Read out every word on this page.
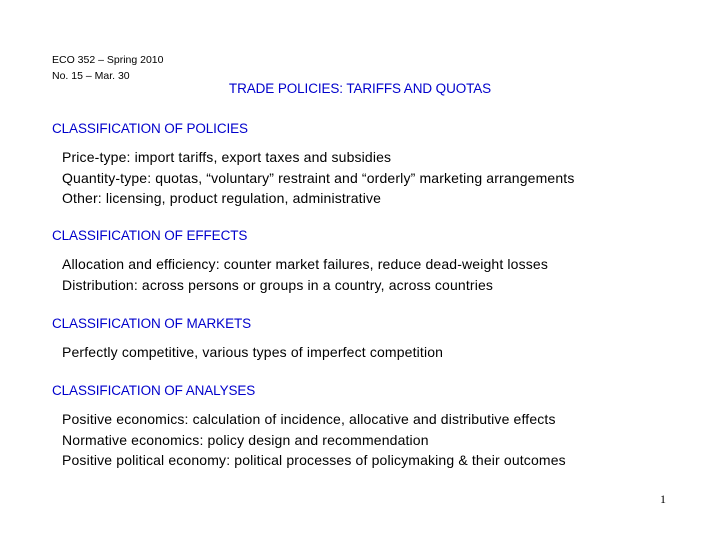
ECO 352 – Spring 2010
No. 15 – Mar. 30
TRADE POLICIES: TARIFFS AND QUOTAS
CLASSIFICATION OF POLICIES
Price-type: import tariffs, export taxes and subsidies
Quantity-type: quotas, “voluntary” restraint and “orderly” marketing arrangements
Other: licensing, product regulation, administrative
CLASSIFICATION OF EFFECTS
Allocation and efficiency: counter market failures, reduce dead-weight losses
Distribution: across persons or groups in a country, across countries
CLASSIFICATION OF MARKETS
Perfectly competitive, various types of imperfect competition
CLASSIFICATION OF ANALYSES
Positive economics: calculation of incidence, allocative and distributive effects
Normative economics: policy design and recommendation
Positive political economy: political processes of policymaking & their outcomes
1
